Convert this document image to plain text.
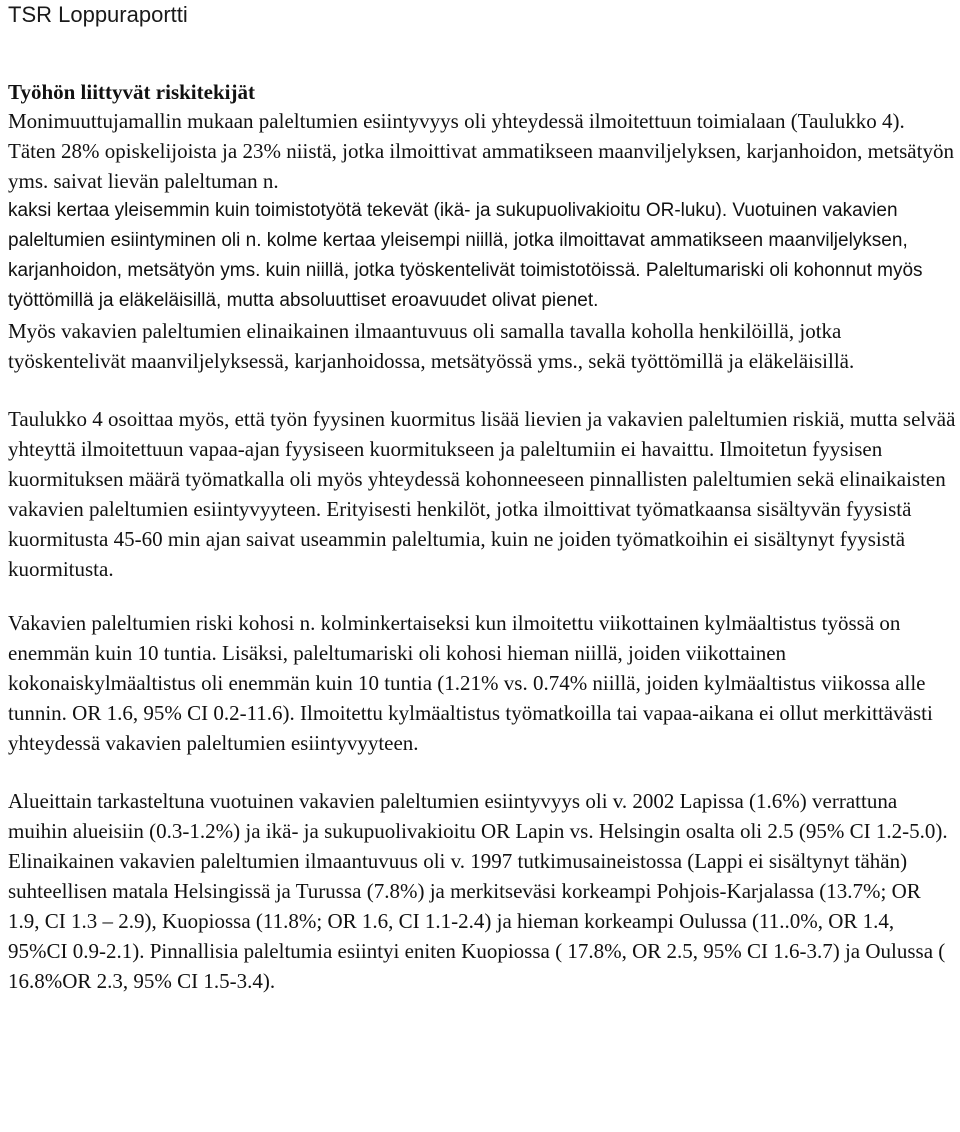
TSR Loppuraportti
Työhön liittyvät riskitekijät
Monimuuttujamallin mukaan paleltumien esiintyvyys oli yhteydessä ilmoitettuun toimialaan (Taulukko 4). Täten 28% opiskelijoista ja 23% niistä, jotka ilmoittivat ammatikseen maanviljelyksen, karjanhoidon, metsätyön yms. saivat lievän paleltuman n.
kaksi kertaa yleisemmin kuin toimistotyötä tekevät (ikä- ja sukupuolivakioitu OR-luku). Vuotuinen vakavien paleltumien esiintyminen oli n. kolme kertaa yleisempi niillä, jotka ilmoittavat ammatikseen maanviljelyksen, karjanhoidon, metsätyön yms. kuin niillä, jotka työskentelivät toimistotöissä. Paleltumariski oli kohonnut myös työttömillä ja eläkeläisillä, mutta absoluuttiset eroavuudet olivat pienet.
Myös vakavien paleltumien elinaikainen ilmaantuvuus oli samalla tavalla koholla henkilöillä, jotka työskentelivät maanviljelyksessä, karjanhoidossa, metsätyössä yms., sekä työttömillä ja eläkeläisillä.
Taulukko 4 osoittaa myös, että työn fyysinen kuormitus lisää lievien ja vakavien paleltumien riskiä, mutta selvää yhteyttä ilmoitettuun vapaa-ajan fyysiseen kuormitukseen ja paleltumiin ei havaittu. Ilmoitetun fyysisen kuormituksen määrä työmatkalla oli myös yhteydessä kohonneeseen pinnallisten paleltumien sekä elinaikaisten vakavien paleltumien esiintyvyyteen. Erityisesti henkilöt, jotka ilmoittivat työmatkaansa sisältyvän fyysistä kuormitusta 45-60 min ajan saivat useammin paleltumia, kuin ne joiden työmatkoihin ei sisältynyt fyysistä kuormitusta.
Vakavien paleltumien riski kohosi n. kolminkertaiseksi kun ilmoitettu viikottainen kylmäaltistus työssä on enemmän kuin 10 tuntia. Lisäksi, paleltumariski oli kohosi hieman niillä, joiden viikottainen kokonaiskylmäaltistus oli enemmän kuin 10 tuntia (1.21% vs. 0.74% niillä, joiden kylmäaltistus viikossa alle tunnin. OR 1.6, 95% CI 0.2-11.6). Ilmoitettu kylmäaltistus työmatkoilla tai vapaa-aikana ei ollut merkittävästi yhteydessä vakavien paleltumien esiintyvyyteen.
Alueittain tarkasteltuna vuotuinen vakavien paleltumien esiintyvyys oli v. 2002 Lapissa (1.6%) verrattuna muihin alueisiin (0.3-1.2%) ja ikä- ja sukupuolivakioitu OR Lapin vs. Helsingin osalta oli 2.5 (95% CI 1.2-5.0). Elinaikainen vakavien paleltumien ilmaantuvuus oli v. 1997 tutkimusaineistossa (Lappi ei sisältynyt tähän) suhteellisen matala Helsingissä ja Turussa (7.8%) ja merkitseväsi korkeampi Pohjois-Karjalassa (13.7%; OR 1.9, CI 1.3 – 2.9), Kuopiossa (11.8%; OR 1.6, CI 1.1-2.4) ja hieman korkeampi Oulussa (11..0%, OR 1.4, 95%CI 0.9-2.1). Pinnallisia paleltumia esiintyi eniten Kuopiossa ( 17.8%, OR 2.5, 95% CI 1.6-3.7) ja Oulussa ( 16.8%OR 2.3, 95% CI 1.5-3.4).
